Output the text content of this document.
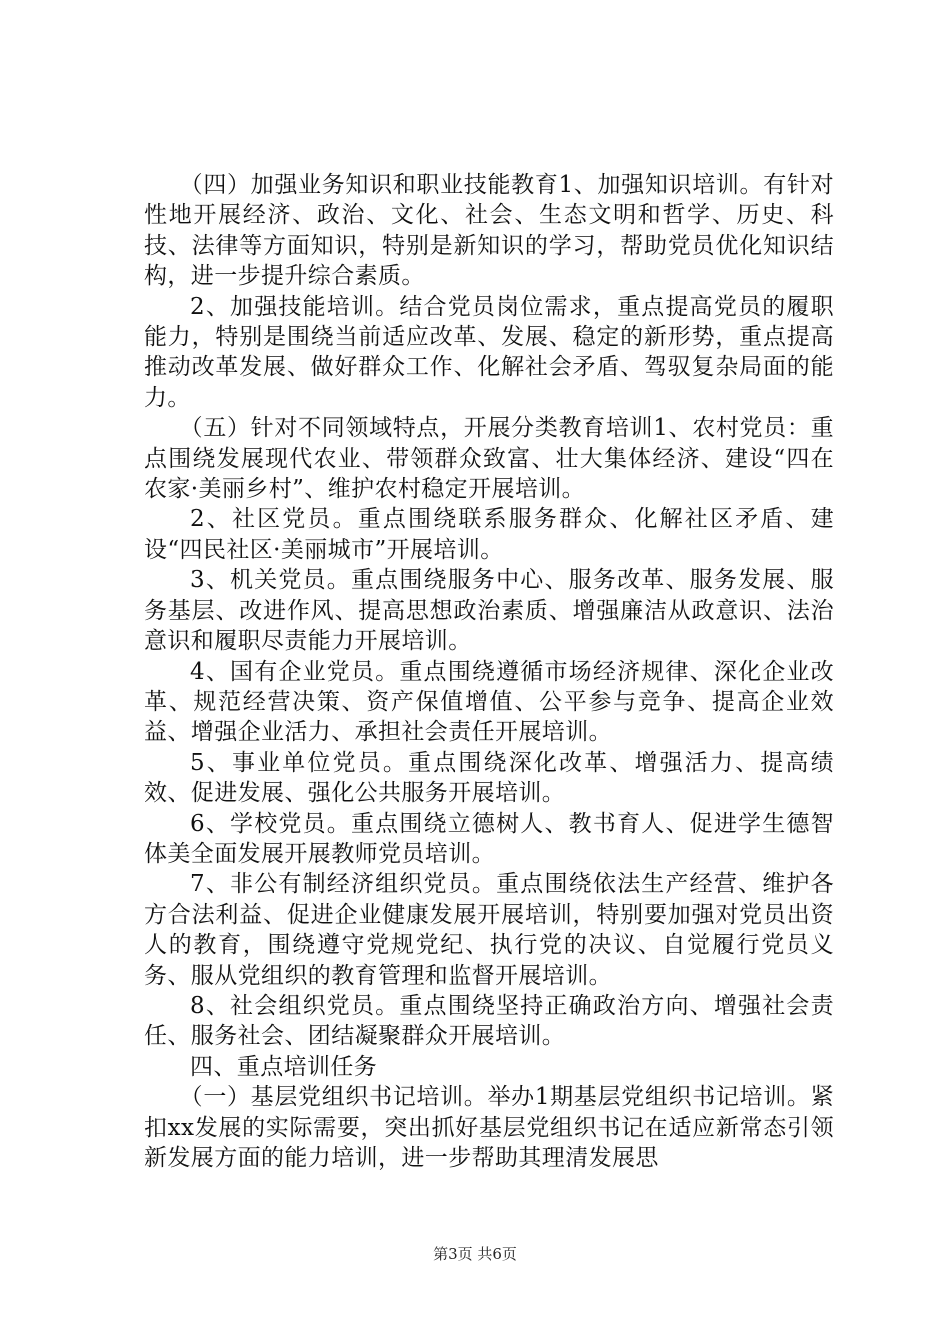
（四）加强业务知识和职业技能教育1、加强知识培训。有针对性地开展经济、政治、文化、社会、生态文明和哲学、历史、科技、法律等方面知识，特别是新知识的学习，帮助党员优化知识结构，进一步提升综合素质。

2、加强技能培训。结合党员岗位需求，重点提高党员的履职能力，特别是围绕当前适应改革、发展、稳定的新形势，重点提高推动改革发展、做好群众工作、化解社会矛盾、驾驭复杂局面的能力。

（五）针对不同领域特点，开展分类教育培训1、农村党员：重点围绕发展现代农业、带领群众致富、壮大集体经济、建设“四在农家·美丽乡村”、维护农村稳定开展培训。

2、社区党员。重点围绕联系服务群众、化解社区矛盾、建设“四民社区·美丽城市”开展培训。

3、机关党员。重点围绕服务中心、服务改革、服务发展、服务基层、改进作风、提高思想政治素质、增强廉洁从政意识、法治意识和履职尽责能力开展培训。

4、国有企业党员。重点围绕遵循市场经济规律、深化企业改革、规范经营决策、资产保值增值、公平参与竞争、提高企业效益、增强企业活力、承担社会责任开展培训。

5、事业单位党员。重点围绕深化改革、增强活力、提高绩效、促进发展、强化公共服务开展培训。

6、学校党员。重点围绕立德树人、教书育人、促进学生德智体美全面发展开展教师党员培训。

7、非公有制经济组织党员。重点围绕依法生产经营、维护各方合法利益、促进企业健康发展开展培训，特别要加强对党员出资人的教育，围绕遵守党规党纪、执行党的决议、自觉履行党员义务、服从党组织的教育管理和监督开展培训。

8、社会组织党员。重点围绕坚持正确政治方向、增强社会责任、服务社会、团结凝聚群众开展培训。

四、重点培训任务

（一）基层党组织书记培训。举办1期基层党组织书记培训。紧扣xx发展的实际需要，突出抓好基层党组织书记在适应新常态引领新发展方面的能力培训，进一步帮助其理清发展思

第3页 共6页
